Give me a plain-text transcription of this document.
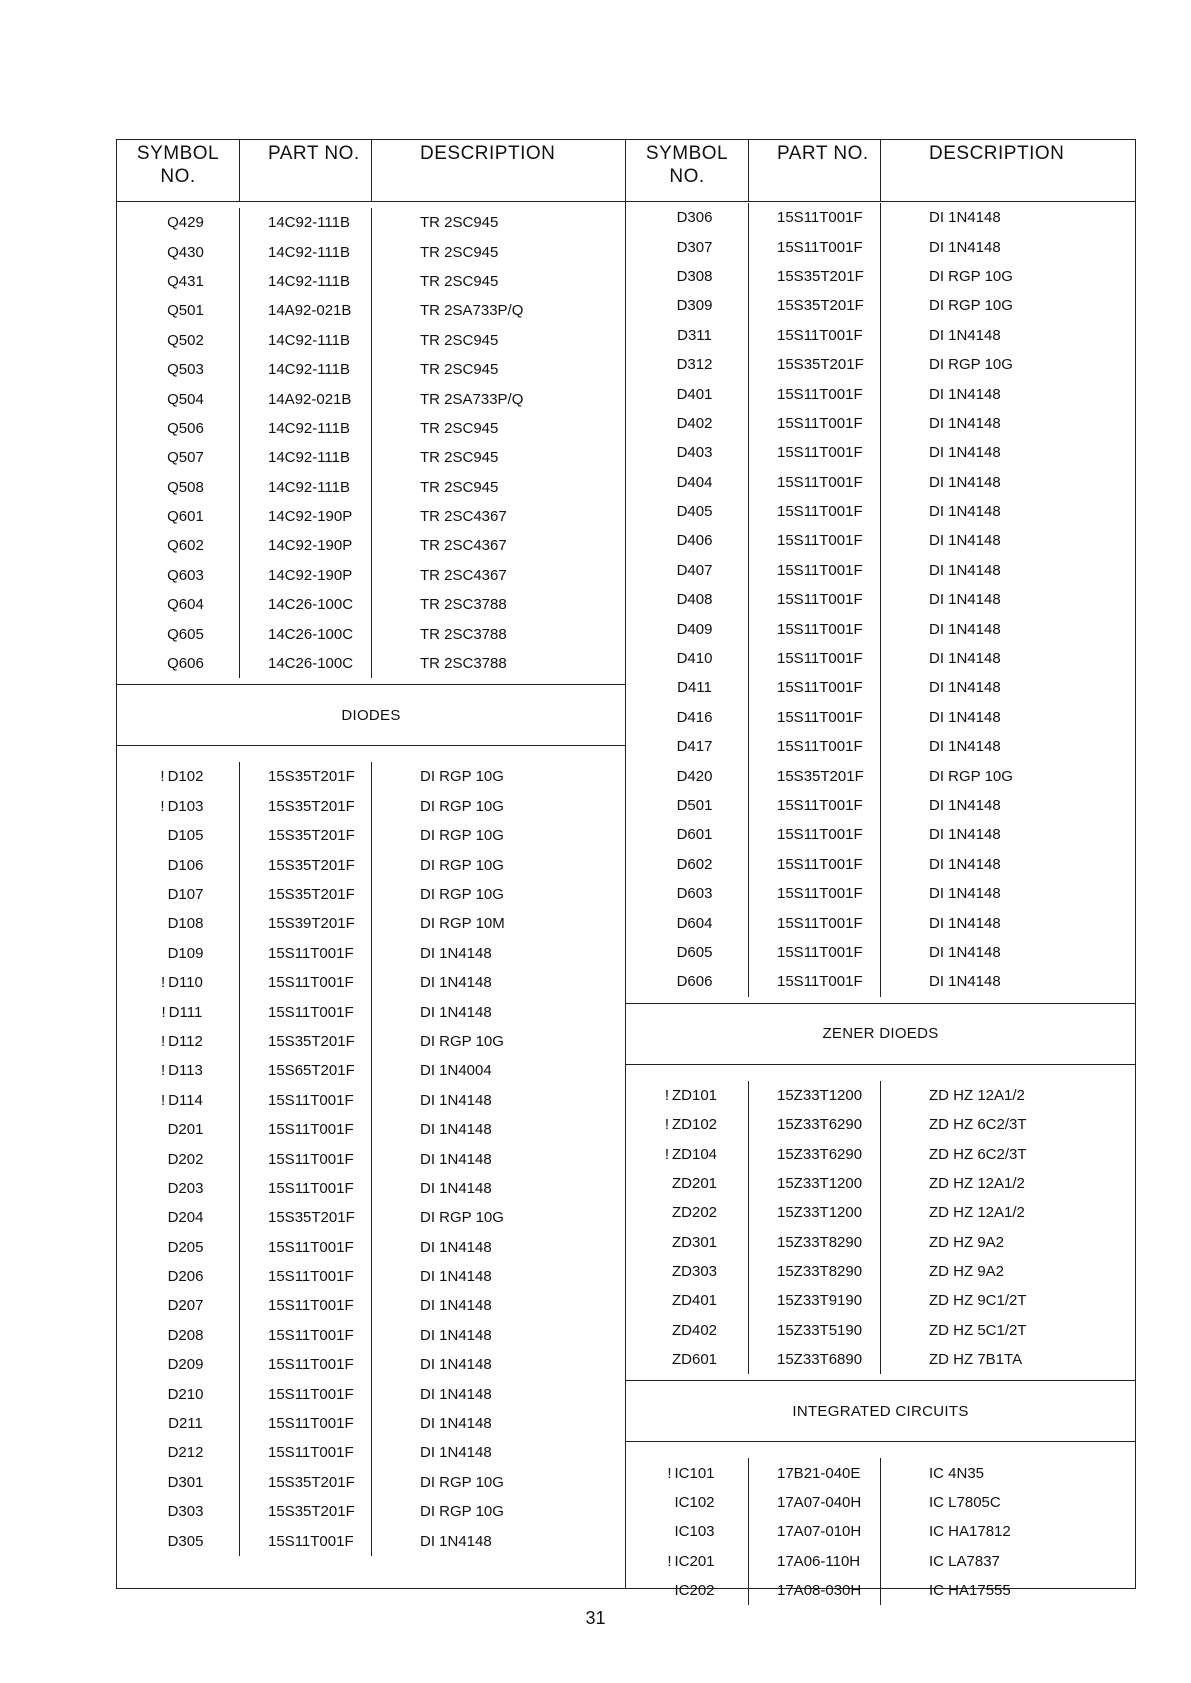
SYMBOL
NO.
PART NO.	DESCRIPTION
Q429	14C92-111B	TR 2SC945
Q430	14C92-111B	TR 2SC945
Q431	14C92-111B	TR 2SC945
Q501	14A92-021B	TR 2SA733P/Q
Q502	14C92-111B	TR 2SC945
Q503	14C92-111B	TR 2SC945
Q504	14A92-021B	TR 2SA733P/Q
Q506	14C92-111B	TR 2SC945
Q507	14C92-111B	TR 2SC945
Q508	14C92-111B	TR 2SC945
Q601	14C92-190P	TR 2SC4367
Q602	14C92-190P	TR 2SC4367
Q603	14C92-190P	TR 2SC4367
Q604	14C26-100C	TR 2SC3788
Q605	14C26-100C	TR 2SC3788
Q606	14C26-100C	TR 2SC3788
DIODES
! D102	15S35T201F	DI RGP 10G
! D103	15S35T201F	DI RGP 10G
D105	15S35T201F	DI RGP 10G
D106	15S35T201F	DI RGP 10G
D107	15S35T201F	DI RGP 10G
D108	15S39T201F	DI RGP 10M
D109	15S11T001F	DI 1N4148
! D110	15S11T001F	DI 1N4148
! D111	15S11T001F	DI 1N4148
! D112	15S35T201F	DI RGP 10G
! D113	15S65T201F	DI 1N4004
! D114	15S11T001F	DI 1N4148
D201	15S11T001F	DI 1N4148
D202	15S11T001F	DI 1N4148
D203	15S11T001F	DI 1N4148
D204	15S35T201F	DI RGP 10G
D205	15S11T001F	DI 1N4148
D206	15S11T001F	DI 1N4148
D207	15S11T001F	DI 1N4148
D208	15S11T001F	DI 1N4148
D209	15S11T001F	DI 1N4148
D210	15S11T001F	DI 1N4148
D211	15S11T001F	DI 1N4148
D212	15S11T001F	DI 1N4148
D301	15S35T201F	DI RGP 10G
D303	15S35T201F	DI RGP 10G
D305	15S11T001F	DI 1N4148
SYMBOL
NO.
PART NO.	DESCRIPTION
D306	15S11T001F	DI 1N4148
D307	15S11T001F	DI 1N4148
D308	15S35T201F	DI RGP 10G
D309	15S35T201F	DI RGP 10G
D311	15S11T001F	DI 1N4148
D312	15S35T201F	DI RGP 10G
D401	15S11T001F	DI 1N4148
D402	15S11T001F	DI 1N4148
D403	15S11T001F	DI 1N4148
D404	15S11T001F	DI 1N4148
D405	15S11T001F	DI 1N4148
D406	15S11T001F	DI 1N4148
D407	15S11T001F	DI 1N4148
D408	15S11T001F	DI 1N4148
D409	15S11T001F	DI 1N4148
D410	15S11T001F	DI 1N4148
D411	15S11T001F	DI 1N4148
D416	15S11T001F	DI 1N4148
D417	15S11T001F	DI 1N4148
D420	15S35T201F	DI RGP 10G
D501	15S11T001F	DI 1N4148
D601	15S11T001F	DI 1N4148
D602	15S11T001F	DI 1N4148
D603	15S11T001F	DI 1N4148
D604	15S11T001F	DI 1N4148
D605	15S11T001F	DI 1N4148
D606	15S11T001F	DI 1N4148
ZENER DIOEDS
! ZD101	15Z33T1200	ZD HZ 12A1/2
! ZD102	15Z33T6290	ZD HZ 6C2/3T
! ZD104	15Z33T6290	ZD HZ 6C2/3T
ZD201	15Z33T1200	ZD HZ 12A1/2
ZD202	15Z33T1200	ZD HZ 12A1/2
ZD301	15Z33T8290	ZD HZ 9A2
ZD303	15Z33T8290	ZD HZ 9A2
ZD401	15Z33T9190	ZD HZ 9C1/2T
ZD402	15Z33T5190	ZD HZ 5C1/2T
ZD601	15Z33T6890	ZD HZ 7B1TA
INTEGRATED CIRCUITS
! IC101	17B21-040E	IC 4N35
IC102	17A07-040H	IC L7805C
IC103	17A07-010H	IC HA17812
! IC201	17A06-110H	IC LA7837
IC202	17A08-030H	IC HA17555
31
